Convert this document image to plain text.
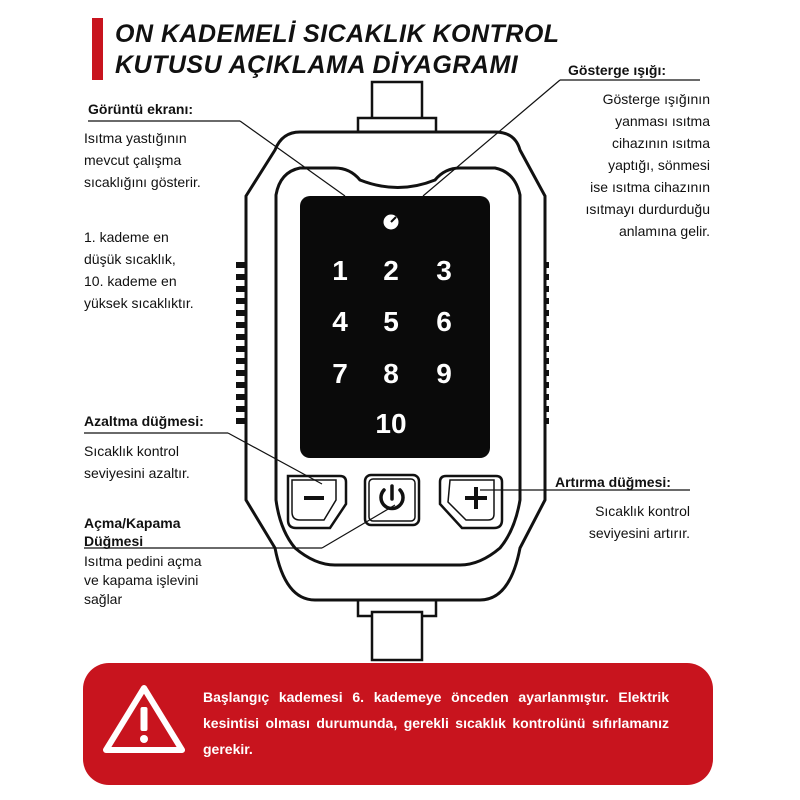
ON KADEMELİ SICAKLIK KONTROL
KUTUSU AÇIKLAMA DİYAGRAMI
1 2 3
4 5 6
7 8 9
10
Görüntü ekranı:
Isıtma yastığının
mevcut çalışma
sıcaklığını gösterir.
1. kademe en
düşük sıcaklık,
10. kademe en
yüksek sıcaklıktır.
Gösterge ışığı:
Gösterge ışığının
yanması ısıtma
cihazının ısıtma
yaptığı, sönmesi
ise ısıtma cihazının
ısıtmayı durdurduğu
anlamına gelir.
Azaltma düğmesi:
Sıcaklık kontrol
seviyesini azaltır.
Artırma düğmesi:
Sıcaklık kontrol
seviyesini artırır.
Açma/Kapama
Düğmesi
Isıtma pedini açma
ve kapama işlevini
sağlar
Başlangıç kademesi 6. kademeye önceden ayarlanmıştır. Elektrik kesintisi olması durumunda, gerekli sıcaklık kontrolünü sıfırlamanız gerekir.
